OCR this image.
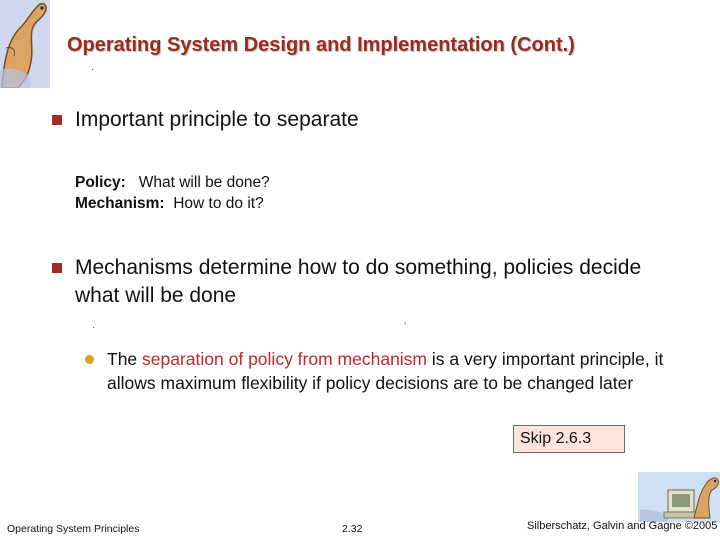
Operating System Design and Implementation (Cont.)
·
Important principle to separate
Policy: What will be done?
Mechanism: How to do it?
Mechanisms determine how to do something, policies decide what will be done
·	ʼ
The separation of policy from mechanism is a very important principle, it allows maximum flexibility if policy decisions are to be changed later
Skip 2.6.3
Operating System Principles	2.32	Silberschatz, Galvin and Gagne ©2005
